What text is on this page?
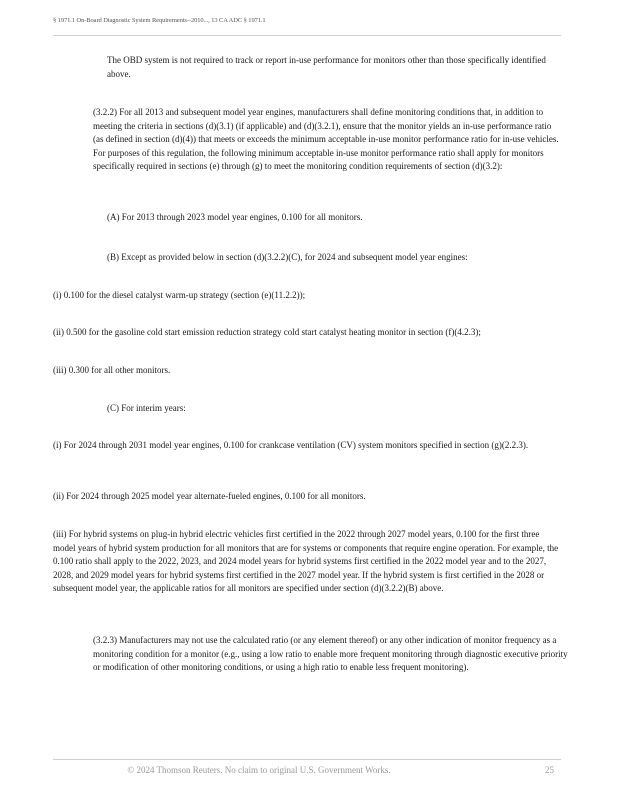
§ 1971.1 On-Board Diagnostic System Requirements--2010..., 13 CA ADC § 1971.1

The OBD system is not required to track or report in-use performance for monitors other than those specifically identified above.

(3.2.2) For all 2013 and subsequent model year engines, manufacturers shall define monitoring conditions that, in addition to meeting the criteria in sections (d)(3.1) (if applicable) and (d)(3.2.1), ensure that the monitor yields an in-use performance ratio (as defined in section (d)(4)) that meets or exceeds the minimum acceptable in-use monitor performance ratio for in-use vehicles. For purposes of this regulation, the following minimum acceptable in-use monitor performance ratio shall apply for monitors specifically required in sections (e) through (g) to meet the monitoring condition requirements of section (d)(3.2):

(A) For 2013 through 2023 model year engines, 0.100 for all monitors.

(B) Except as provided below in section (d)(3.2.2)(C), for 2024 and subsequent model year engines:

(i) 0.100 for the diesel catalyst warm-up strategy (section (e)(11.2.2));

(ii) 0.500 for the gasoline cold start emission reduction strategy cold start catalyst heating monitor in section (f)(4.2.3);

(iii) 0.300 for all other monitors.

(C) For interim years:

(i) For 2024 through 2031 model year engines, 0.100 for crankcase ventilation (CV) system monitors specified in section (g)(2.2.3).

(ii) For 2024 through 2025 model year alternate-fueled engines, 0.100 for all monitors.

(iii) For hybrid systems on plug-in hybrid electric vehicles first certified in the 2022 through 2027 model years, 0.100 for the first three model years of hybrid system production for all monitors that are for systems or components that require engine operation. For example, the 0.100 ratio shall apply to the 2022, 2023, and 2024 model years for hybrid systems first certified in the 2022 model year and to the 2027, 2028, and 2029 model years for hybrid systems first certified in the 2027 model year. If the hybrid system is first certified in the 2028 or subsequent model year, the applicable ratios for all monitors are specified under section (d)(3.2.2)(B) above.

(3.2.3) Manufacturers may not use the calculated ratio (or any element thereof) or any other indication of monitor frequency as a monitoring condition for a monitor (e.g., using a low ratio to enable more frequent monitoring through diagnostic executive priority or modification of other monitoring conditions, or using a high ratio to enable less frequent monitoring).

© 2024 Thomson Reuters. No claim to original U.S. Government Works.	25
